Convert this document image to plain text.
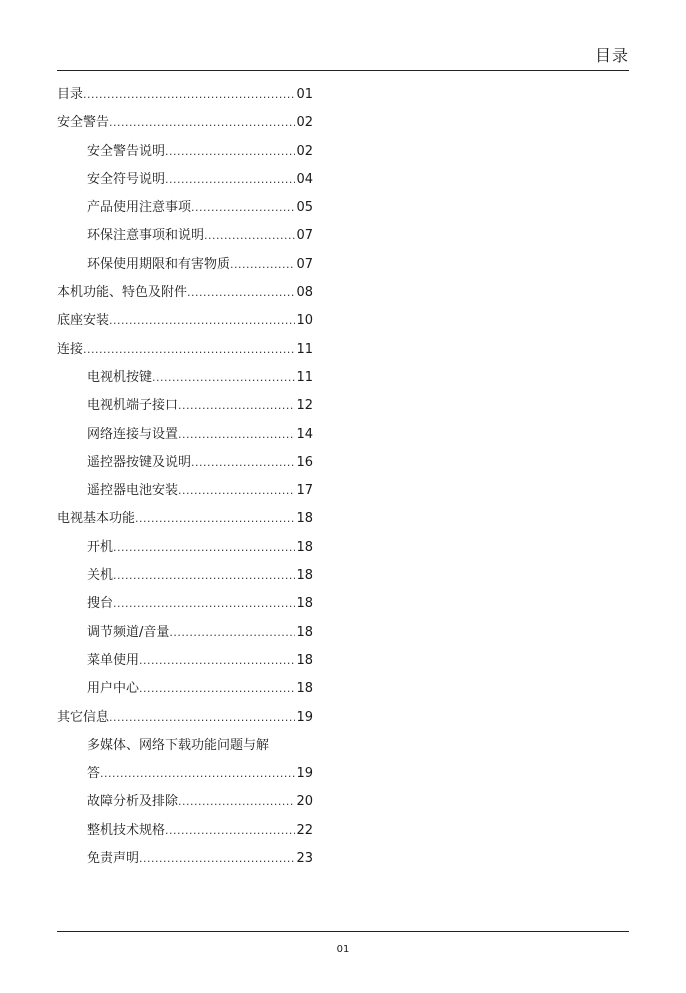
目录
目录 .....	01
安全警告 .....	02
安全警告说明 .....	02
安全符号说明 .....	04
产品使用注意事项 .....	05
环保注意事项和说明 .....	07
环保使用期限和有害物质 .....	07
本机功能、特色及附件 .....	08
底座安装 .....	10
连接 .....	11
电视机按键 .....	11
电视机端子接口 .....	12
网络连接与设置 .....	14
遥控器按键及说明 .....	16
遥控器电池安装 .....	17
电视基本功能 .....	18
开机 .....	18
关机 .....	18
搜台 .....	18
调节频道/音量 .....	18
菜单使用 .....	18
用户中心 .....	18
其它信息 .....	19
多媒体、网络下载功能问题与解
答 .....	19
故障分析及排除 .....	20
整机技术规格 .....	22
免责声明 .....	23
01
